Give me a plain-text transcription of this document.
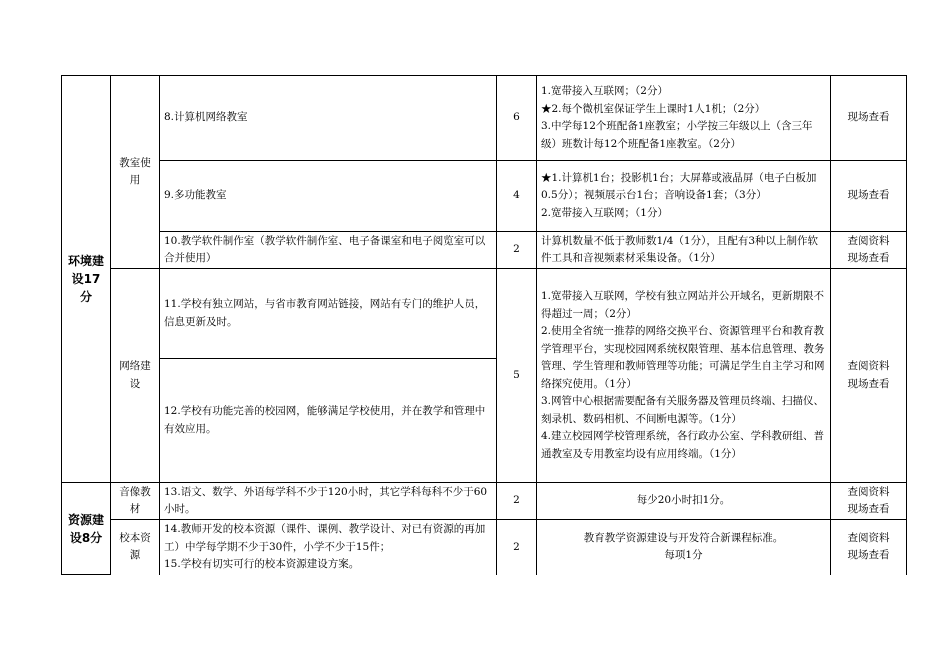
环境建设17分	教室使用	8.计算机网络教室	6	1.宽带接入互联网；（2分）
★2.每个微机室保证学生上课时1人1机；（2分）
3.中学每12个班配备1座教室；小学按三年级以上（含三年级）班数计每12个班配备1座教室。（2分）	现场查看
		9.多功能教室	4	★1.计算机1台；投影机1台；大屏幕或液晶屏（电子白板加0.5分）；视频展示台1台；音响设备1套；（3分）
2.宽带接入互联网；（1分）	现场查看
		10.教学软件制作室（教学软件制作室、电子备课室和电子阅览室可以合并使用）	2	计算机数量不低于教师数1/4（1分），且配有3种以上制作软件工具和音视频素材采集设备。（1分）	查阅资料
现场查看

	网络建设	11.学校有独立网站，与省市教育网站链接，网站有专门的维护人员，信息更新及时。	5	1.宽带接入互联网，学校有独立网站并公开域名，更新期限不得超过一周；（2分）
2.使用全省统一推荐的网络交换平台、资源管理平台和教育教学管理平台，实现校园网系统权限管理、基本信息管理、教务管理、学生管理和教师管理等功能；可满足学生自主学习和网络探究使用。（1分）
3.网管中心根据需要配备有关服务器及管理员终端、扫描仪、刻录机、数码相机、不间断电源等。（1分）
4.建立校园网学校管理系统，各行政办公室、学科教研组、普通教室及专用教室均设有应用终端。（1分）	查阅资料
现场查看

		12.学校有功能完善的校园网，能够满足学校使用，并在教学和管理中有效应用。			
资源建设8分	音像教材	13.语文、数学、外语每学科不少于120小时，其它学科每科不少于60小时。	2	每少20小时扣1分。	查阅资料
现场查看

	校本资源	14.教师开发的校本资源（课件、课例、教学设计、对已有资源的再加工）中学每学期不少于30件，小学不少于15件；
15.学校有切实可行的校本资源建设方案。	2	教育教学资源建设与开发符合新课程标准。
每项1分	查阅资料
现场查看
